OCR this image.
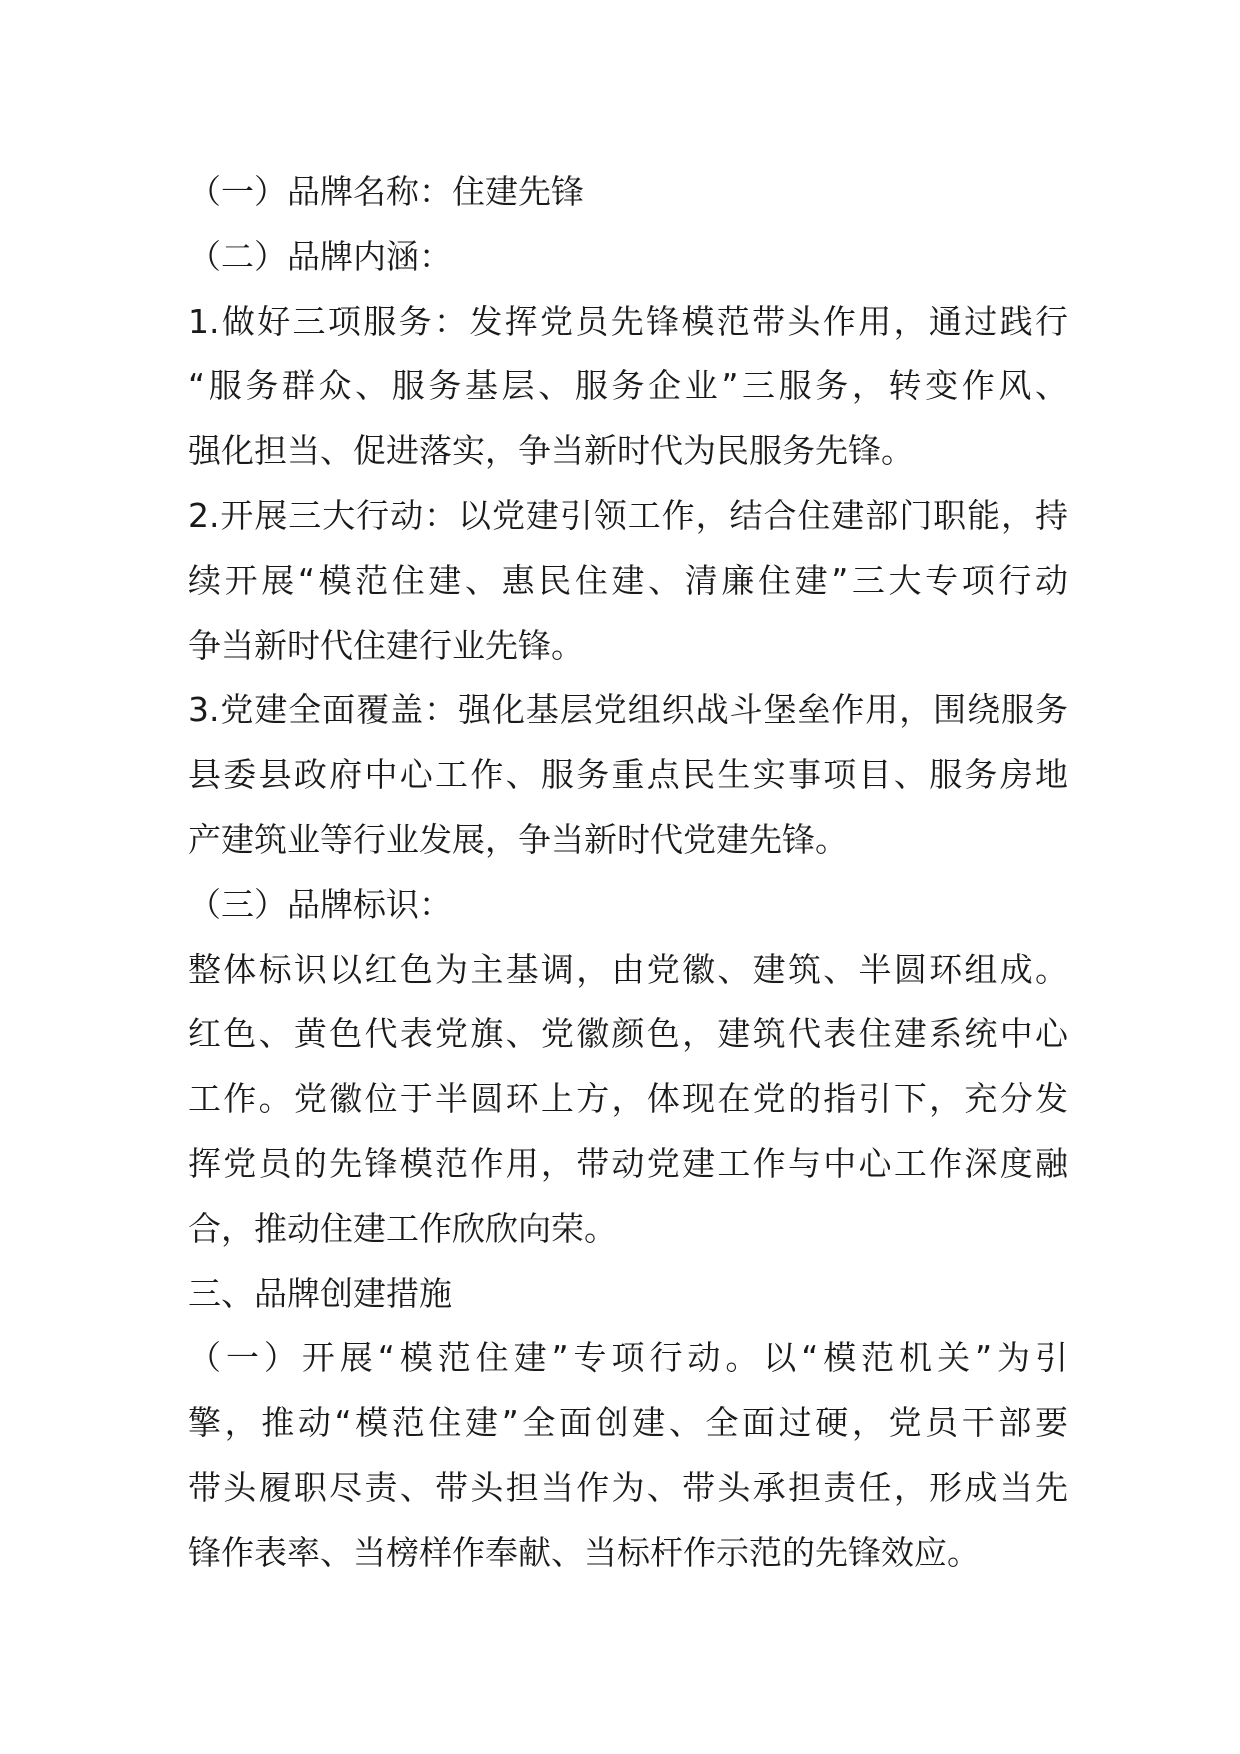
（一）品牌名称：住建先锋
（二）品牌内涵：
1.做好三项服务：发挥党员先锋模范带头作用，通过践行
“服务群众、服务基层、服务企业”三服务，转变作风、
强化担当、促进落实，争当新时代为民服务先锋。
2.开展三大行动：以党建引领工作，结合住建部门职能，持
续开展“模范住建、惠民住建、清廉住建”三大专项行动
争当新时代住建行业先锋。
3.党建全面覆盖：强化基层党组织战斗堡垒作用，围绕服务
县委县政府中心工作、服务重点民生实事项目、服务房地
产建筑业等行业发展，争当新时代党建先锋。
（三）品牌标识：
整体标识以红色为主基调，由党徽、建筑、半圆环组成。
红色、黄色代表党旗、党徽颜色，建筑代表住建系统中心
工作。党徽位于半圆环上方，体现在党的指引下，充分发
挥党员的先锋模范作用，带动党建工作与中心工作深度融
合，推动住建工作欣欣向荣。
三、品牌创建措施
（一）开展“模范住建”专项行动。以“模范机关”为引
擎，推动“模范住建”全面创建、全面过硬，党员干部要
带头履职尽责、带头担当作为、带头承担责任，形成当先
锋作表率、当榜样作奉献、当标杆作示范的先锋效应。
